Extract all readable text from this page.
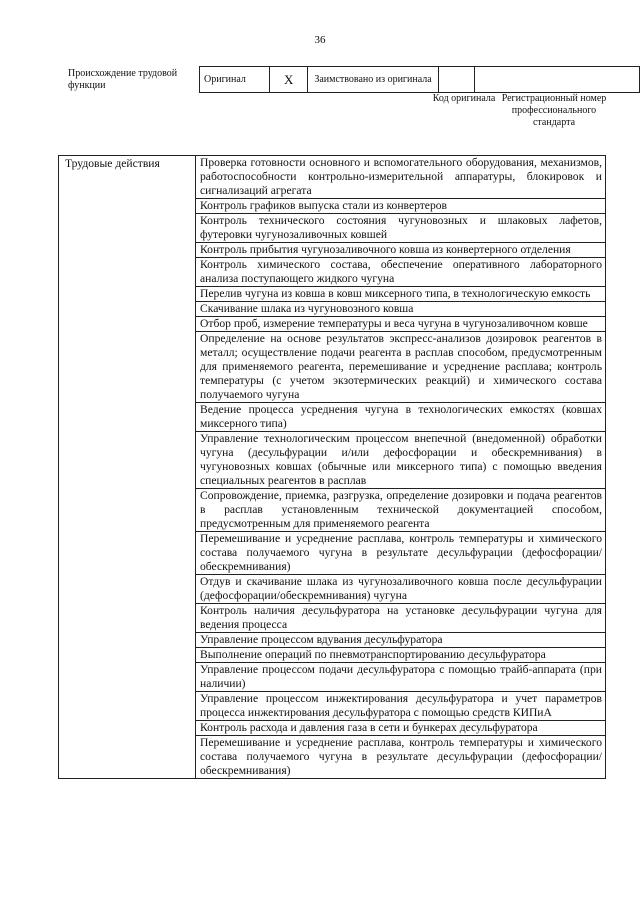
36
Происхождение трудовой функции
Оригинал	X	Заимствовано из оригинала		
Код оригинала Регистрационный номер профессионального стандарта
Трудовые действия	Проверка готовности основного и вспомогательного оборудования, механизмов, работоспособности контрольно-измерительной аппаратуры, блокировок и сигнализаций агрегата
Контроль графиков выпуска стали из конвертеров
Контроль технического состояния чугуновозных и шлаковых лафетов, футеровки чугунозаливочных ковшей
Контроль прибытия чугунозаливочного ковша из конвертерного отделения
Контроль химического состава, обеспечение оперативного лабораторного анализа поступающего жидкого чугуна
Перелив чугуна из ковша в ковш миксерного типа, в технологическую емкость
Скачивание шлака из чугуновозного ковша
Отбор проб, измерение температуры и веса чугуна в чугунозаливочном ковше
Определение на основе результатов экспресс-анализов дозировок реагентов в металл; осуществление подачи реагента в расплав способом, предусмотренным для применяемого реагента, перемешивание и усреднение расплава; контроль температуры (с учетом экзотермических реакций) и химического состава получаемого чугуна
Ведение процесса усреднения чугуна в технологических емкостях (ковшах миксерного типа)
Управление технологическим процессом внепечной (внедоменной) обработки чугуна (десульфурации и/или дефосфорации и обескремнивания) в чугуновозных ковшах (обычные или миксерного типа) с помощью введения специальных реагентов в расплав
Сопровождение, приемка, разгрузка, определение дозировки и подача реагентов в расплав установленным технической документацией способом, предусмотренным для применяемого реагента
Перемешивание и усреднение расплава, контроль температуры и химического состава получаемого чугуна в результате десульфурации (дефосфорации/обескремнивания)
Отдув и скачивание шлака из чугунозаливочного ковша после десульфурации (дефосфорации/обескремнивания) чугуна
Контроль наличия десульфуратора на установке десульфурации чугуна для ведения процесса
Управление процессом вдувания десульфуратора
Выполнение операций по пневмотранспортированию десульфуратора
Управление процессом подачи десульфуратора с помощью трайб-аппарата (при наличии)
Управление процессом инжектирования десульфуратора и учет параметров процесса инжектирования десульфуратора с помощью средств КИПиА
Контроль расхода и давления газа в сети и бункерах десульфуратора
Перемешивание и усреднение расплава, контроль температуры и химического состава получаемого чугуна в результате десульфурации (дефосфорации/обескремнивания)
